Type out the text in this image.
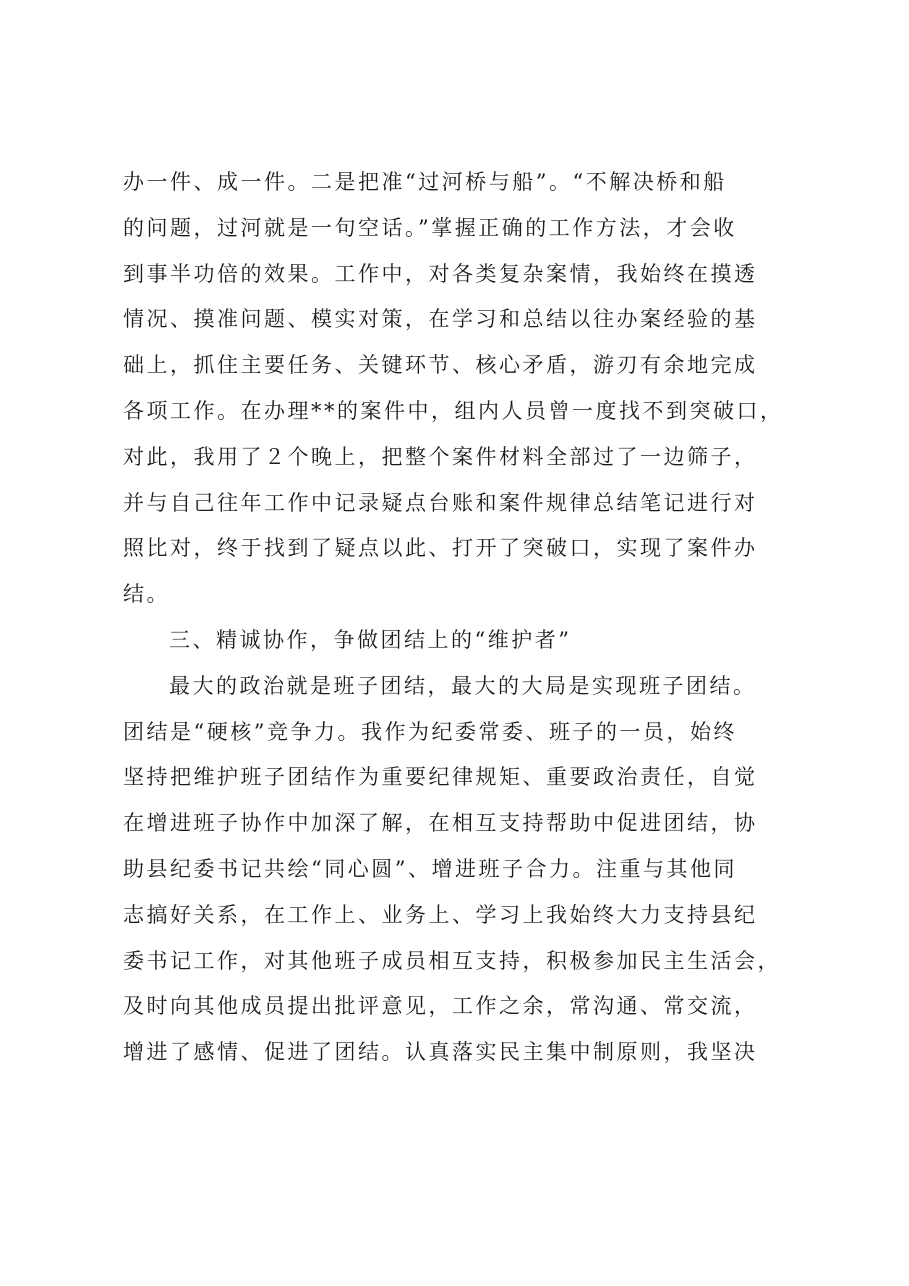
办一件、成一件。二是把准“过河桥与船”。“不解决桥和船
的问题，过河就是一句空话。”掌握正确的工作方法，才会收
到事半功倍的效果。工作中，对各类复杂案情，我始终在摸透
情况、摸准问题、模实对策，在学习和总结以往办案经验的基
础上，抓住主要任务、关键环节、核心矛盾，游刃有余地完成
各项工作。在办理**的案件中，组内人员曾一度找不到突破口，
对此，我用了２个晚上，把整个案件材料全部过了一边筛子，
并与自己往年工作中记录疑点台账和案件规律总结笔记进行对
照比对，终于找到了疑点以此、打开了突破口，实现了案件办
结。
三、精诚协作，争做团结上的“维护者”
最大的政治就是班子团结，最大的大局是实现班子团结。
团结是“硬核”竞争力。我作为纪委常委、班子的一员，始终
坚持把维护班子团结作为重要纪律规矩、重要政治责任，自觉
在增进班子协作中加深了解，在相互支持帮助中促进团结，协
助县纪委书记共绘“同心圆”、增进班子合力。注重与其他同
志搞好关系，在工作上、业务上、学习上我始终大力支持县纪
委书记工作，对其他班子成员相互支持，积极参加民主生活会，
及时向其他成员提出批评意见，工作之余，常沟通、常交流，
增进了感情、促进了团结。认真落实民主集中制原则，我坚决
